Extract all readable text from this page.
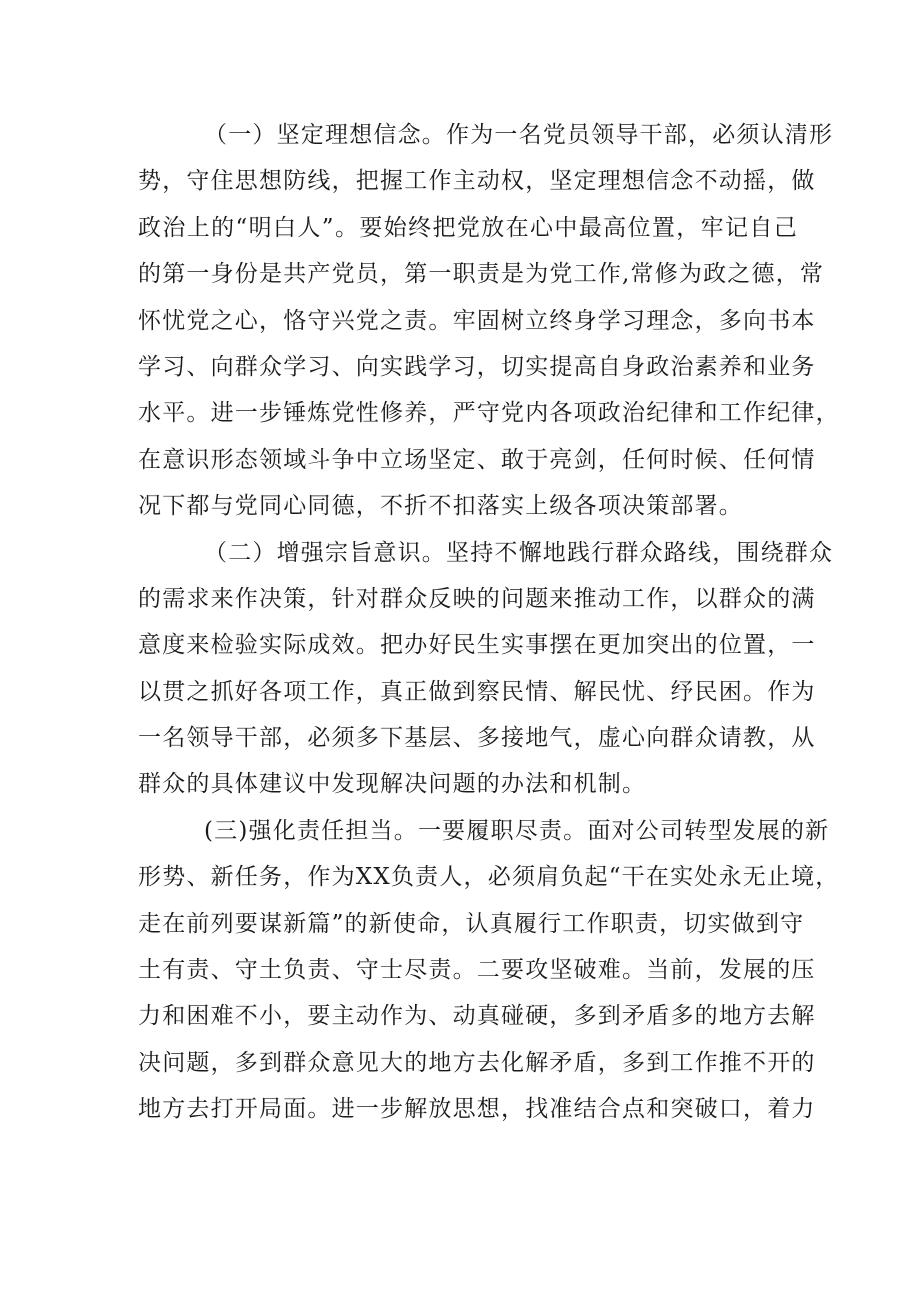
（一）坚定理想信念。作为一名党员领导干部，必须认清形
势，守住思想防线，把握工作主动权，坚定理想信念不动摇，做
政治上的“明白人”。要始终把党放在心中最高位置，牢记自己
的第一身份是共产党员，第一职责是为党工作,常修为政之德，常
怀忧党之心，恪守兴党之责。牢固树立终身学习理念，多向书本
学习、向群众学习、向实践学习，切实提高自身政治素养和业务
水平。进一步锤炼党性修养，严守党内各项政治纪律和工作纪律，
在意识形态领域斗争中立场坚定、敢于亮剑，任何时候、任何情
况下都与党同心同德，不折不扣落实上级各项决策部署。
（二）增强宗旨意识。坚持不懈地践行群众路线，围绕群众
的需求来作决策，针对群众反映的问题来推动工作，以群众的满
意度来检验实际成效。把办好民生实事摆在更加突出的位置，一
以贯之抓好各项工作，真正做到察民情、解民忧、纾民困。作为
一名领导干部，必须多下基层、多接地气，虚心向群众请教，从
群众的具体建议中发现解决问题的办法和机制。
(三)强化责任担当。一要履职尽责。面对公司转型发展的新
形势、新任务，作为XX负责人，必须肩负起“干在实处永无止境，
走在前列要谋新篇”的新使命，认真履行工作职责，切实做到守
土有责、守土负责、守士尽责。二要攻坚破难。当前，发展的压
力和困难不小，要主动作为、动真碰硬，多到矛盾多的地方去解
决问题，多到群众意见大的地方去化解矛盾，多到工作推不开的
地方去打开局面。进一步解放思想，找准结合点和突破口，着力
